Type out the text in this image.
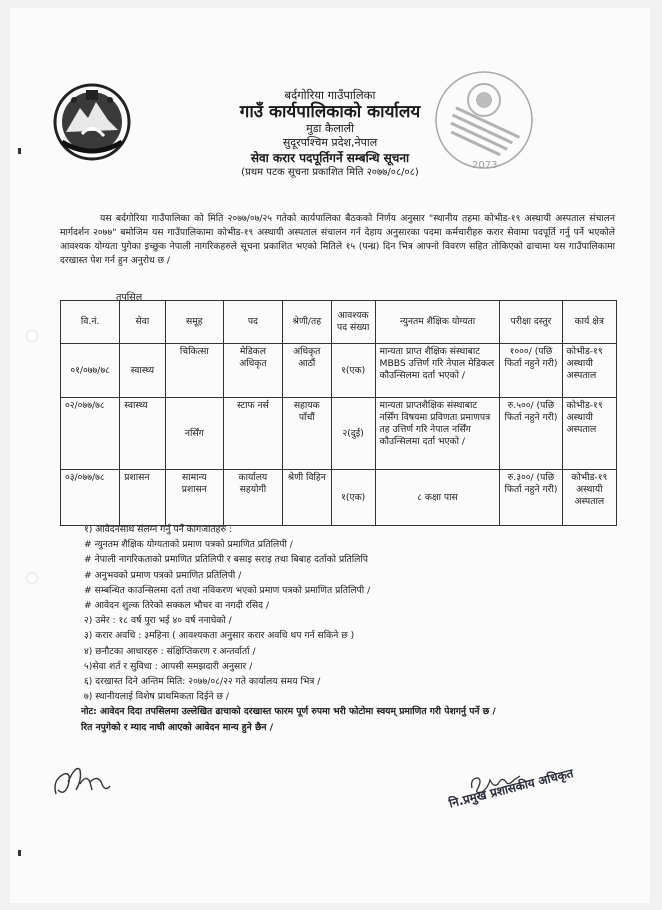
2073
बर्दगोरिया गाउँपालिका
गाउँ कार्यपालिकाको कार्यालय
मुडा कैलाली
सुदूरपश्चिम प्रदेश,नेपाल
सेवा करार पदपूर्तिगर्ने सम्बन्धि सूचना
(प्रथम पटक सूचना प्रकाशित मिति २०७७/०८/०८)
यस बर्दगोरिया गाउँपालिका को मिति २०७७/०७/२५ गतेको कार्यपालिका बैठकको निर्णय अनुसार "स्थानीय तहमा कोभीड-१९ अस्थायी अस्पताल संचालन मार्गदर्शन २०७७" बमोजिम यस गाउँपालिकामा कोभीड-१९ अस्थायी अस्पताल संचालन गर्न देहाय अनुसारका पदमा कर्मचारीहरु करार सेवामा पदपूर्ति गर्नु पर्ने भएकोले आवश्यक योग्यता पुगेका इच्छुक नेपाली नागरिकहरुले सूचना प्रकाशित भएको मितिले १५ (पन्ध्र) दिन भित्र आफ्नो विवरण सहित तोकिएको ढाचामा यस गाउँपालिकामा दरखास्त पेश गर्न हुन अनुरोध छ /
तपसिल
वि.नं.	सेवा	समूह	पद	श्रेणी/तह	आवश्यक पद संख्या	न्युनतम शैक्षिक योग्यता	परीक्षा दस्तुर	कार्य क्षेत्र
०१/०७७/७८	स्वास्थ्य	चिकित्सा	मेडिकल अधिकृत	अधिकृत आठौं	१(एक)	मान्यता प्राप्त शैक्षिक संस्थाबाट MBBS उत्तिर्ण गरि नेपाल मेडिकल कौउन्सिलमा दर्ता भएको /	१०००/ (पछि फिर्ता नहुने गरी)	कोभीड-१९ अस्थायी अस्पताल
०२/०७७/७८	स्वास्थ्य	नर्सिंग	स्टाफ नर्स	सहायक पाँचौं	२(दुई)	मान्यता प्राप्तशैक्षिक संस्थाबाट नर्सिंग विषयमा प्रविणता प्रमाणपत्र तह उत्तिर्ण गरि नेपाल नर्सिंग कौउन्सिलमा दर्ता भएको /	रु.५००/ (पछि फिर्ता नहुने गरी)	कोभीड-१९ अस्थायी अस्पताल
०३/०७७/७८	प्रशासन	सामान्य प्रशासन	कार्यालय सहयोगी	श्रेणी विहिन	१(एक)	८ कक्षा पास	रु.३००/ (पछि फिर्ता नहुने गरी)	कोभीड-१९ अस्थायी अस्पताल
१) आवेदनसाथ संलग्न गर्नु पर्ने कागजातहरु :
# न्युनतम शैक्षिक योग्यताको प्रमाण पत्रको प्रमाणित प्रतिलिपी /
# नेपाली नागरिकताको प्रमाणित प्रतिलिपी र बसाइ सराइ तथा बिबाह दर्ताको प्रतिलिपि
# अनुभवको प्रमाण पत्रको प्रमाणित प्रतिलिपी /
# सम्बन्धित काउन्सिलमा दर्ता तथा नविकरण भएको प्रमाण पत्रको प्रमाणित प्रतिलिपी /
# आवेदन शुल्क तिरेको सक्कल भौचर वा नगदी रसिद /
२) उमेर : १८ वर्ष पुरा भई ४० वर्ष ननाघेको /
३) करार अवधि : ३महिना ( आवश्यकता अनुसार करार अवधि थप गर्न सकिने छ )
४) छनौटका आधारहरु : संक्षिप्तिकरण र अन्तर्वार्ता /
५)सेवा शर्त र सुविधा : आपसी समझदारी अनुसार /
६) दरखास्त दिने अन्तिम मिति: २०७७/०८/२२ गते कार्यालय समय भित्र /
७) स्थानीयलाई विशेष प्राथमिकता दिईने छ /
नोट: आवेदन दिदा तपसिलमा उल्लेखित ढाचाको दरखास्त फारम पूर्ण रुपमा भरी फोटोमा स्वयम् प्रमाणित गरी पेशगर्नु पर्ने छ /
रित नपुगेको र म्याद नाघी आएको आवेदन मान्य हुने छैन /
नि.प्रमुख प्रशासकीय अधिकृत
